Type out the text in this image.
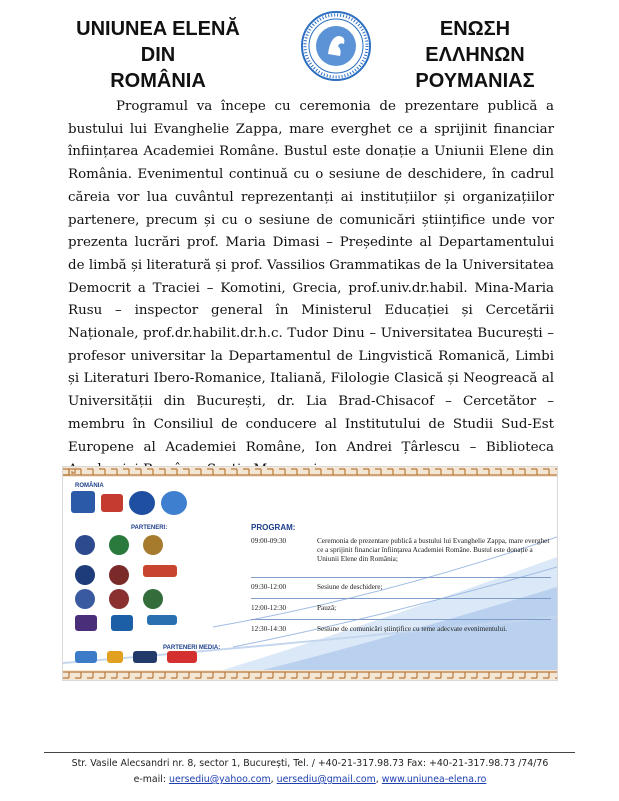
UNIUNEA ELENĂ DIN
ROMÂNIA
ΕΝΩΣΗ ΕΛΛΗΝΩΝ
ΡΟΥΜΑΝΙΑΣ
Programul va începe cu ceremonia de prezentare publică a bustului lui Evanghelie Zappa, mare everghet ce a sprijinit financiar înființarea Academiei Române. Bustul este donație a Uniunii Elene din România. Evenimentul continuă cu o sesiune de deschidere, în cadrul căreia vor lua cuvântul reprezentanți ai instituțiilor și organizațiilor partenere, precum și cu o sesiune de comunicări științifice unde vor prezenta lucrări prof. Maria Dimasi – Președinte al Departamentului de limbă și literatură și prof. Vassilios Grammatikas de la Universitatea Democrit a Traciei – Komotini, Grecia, prof.univ.dr.habil. Mina-Maria Rusu – inspector general în Ministerul Educației și Cercetării Naționale, prof.dr.habilit.dr.h.c. Tudor Dinu – Universitatea București – profesor universitar la Departamentul de Lingvistică Romanică, Limbi și Literaturi Ibero-Romanice, Italiană, Filologie Clasică și Neogreacă al Universității din București, dr. Lia Brad-Chisacof – Cercetător – membru în Consiliul de conducere al Institutului de Studii Sud-Est Europene al Academiei Române, Ion Andrei Țârlescu – Biblioteca
ROMÂNIA
PARTENERI:
PARTENERI MEDIA:
PROGRAM:
09:00-09:30	Ceremonia de prezentare publică a bustului lui Evanghelie Zappa, mare everghet ce a sprijinit financiar înființarea Academiei Române. Bustul este donație a Uniunii Elene din România;
09:30-12:00	Sesiune de deschidere;
12:00-12:30	Pauză;
12:30-14:30	Sesiune de comunicări științifice cu teme adecvate evenimentului.
Str. Vasile Alecsandri nr. 8, sector 1, București, Tel. / +40-21-317.98.73 Fax: +40-21-317.98.73 /74/76
e-mail: uersediu@yahoo.com, uersediu@gmail.com, www.uniunea-elena.ro
